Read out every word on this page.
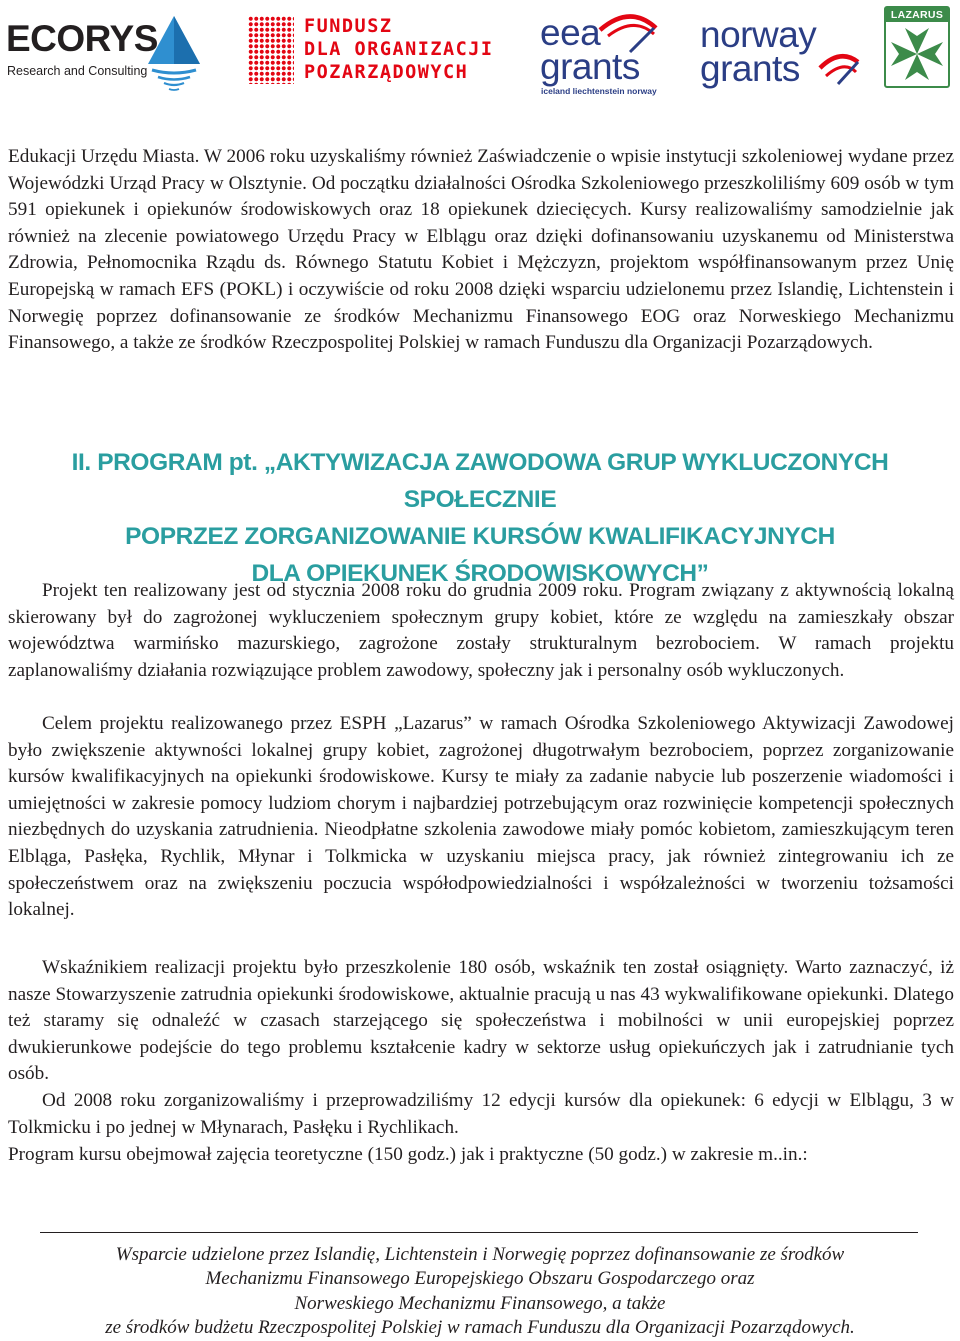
ECORYS
Research and Consulting
FUNDUSZ
DLA ORGANIZACJI
POZARZĄDOWYCH
eea
grants
iceland liechtenstein norway
norway
grants
LAZARUS

Edukacji Urzędu Miasta. W 2006 roku uzyskaliśmy również Zaświadczenie o wpisie instytucji szkoleniowej wydane przez Wojewódzki Urząd Pracy w Olsztynie. Od początku działalności Ośrodka Szkoleniowego przeszkoliliśmy 609 osób w tym 591 opiekunek i opiekunów środowiskowych oraz 18 opiekunek dziecięcych. Kursy realizowaliśmy samodzielnie jak również na zlecenie powiatowego Urzędu Pracy w Elblągu oraz dzięki dofinansowaniu uzyskanemu od Ministerstwa Zdrowia, Pełnomocnika Rządu ds. Równego Statutu Kobiet i Mężczyzn, projektom współfinansowanym przez Unię Europejską w ramach EFS (POKL) i oczywiście od roku 2008 dzięki wsparciu udzielonemu przez Islandię, Lichtenstein i Norwegię poprzez dofinansowanie ze środków Mechanizmu Finansowego EOG oraz Norweskiego Mechanizmu Finansowego, a także ze środków Rzeczpospolitej Polskiej w ramach Funduszu dla Organizacji Pozarządowych.

II. PROGRAM pt. „AKTYWIZACJA ZAWODOWA GRUP WYKLUCZONYCH SPOŁECZNIE
POPRZEZ ZORGANIZOWANIE KURSÓW KWALIFIKACYJNYCH
DLA OPIEKUNEK ŚRODOWISKOWYCH”

Projekt ten realizowany jest od stycznia 2008 roku do grudnia 2009 roku. Program związany z aktywnością lokalną skierowany był do zagrożonej wykluczeniem społecznym grupy kobiet, które ze względu na zamieszkały obszar województwa warmińsko mazurskiego, zagrożone zostały strukturalnym bezrobociem. W ramach projektu zaplanowaliśmy działania rozwiązujące problem zawodowy, społeczny jak i personalny osób wykluczonych.

Celem projektu realizowanego przez ESPH „Lazarus” w ramach Ośrodka Szkoleniowego Aktywizacji Zawodowej było zwiększenie aktywności lokalnej grupy kobiet, zagrożonej długotrwałym bezrobociem, poprzez zorganizowanie kursów kwalifikacyjnych na opiekunki środowiskowe. Kursy te miały za zadanie nabycie lub poszerzenie wiadomości i umiejętności w zakresie pomocy ludziom chorym i najbardziej potrzebującym oraz rozwinięcie kompetencji społecznych niezbędnych do uzyskania zatrudnienia. Nieodpłatne szkolenia zawodowe miały pomóc kobietom, zamieszkującym teren Elbląga, Pasłęka, Rychlik, Młynar i Tolkmicka w uzyskaniu miejsca pracy, jak również zintegrowaniu ich ze społeczeństwem oraz na zwiększeniu poczucia współodpowiedzialności i współzależności w tworzeniu tożsamości lokalnej.

Wskaźnikiem realizacji projektu było przeszkolenie 180 osób, wskaźnik ten został osiągnięty. Warto zaznaczyć, iż nasze Stowarzyszenie zatrudnia opiekunki środowiskowe, aktualnie pracują u nas 43 wykwalifikowane opiekunki. Dlatego też staramy się odnaleźć w czasach starzejącego się społeczeństwa i mobilności w unii europejskiej poprzez dwukierunkowe podejście do tego problemu kształcenie kadry w sektorze usług opiekuńczych jak i zatrudnianie tych osób.

Od 2008 roku zorganizowaliśmy i przeprowadziliśmy 12 edycji kursów dla opiekunek: 6 edycji w Elblągu, 3 w Tolkmicku i po jednej w Młynarach, Pasłęku i Rychlikach.

Program kursu obejmował zajęcia teoretyczne (150 godz.) jak i praktyczne (50 godz.) w zakresie m..in.:

Wsparcie udzielone przez Islandię, Lichtenstein i Norwegię poprzez dofinansowanie ze środków
Mechanizmu Finansowego Europejskiego Obszaru Gospodarczego oraz
Norweskiego Mechanizmu Finansowego, a także
ze środków budżetu Rzeczpospolitej Polskiej w ramach Funduszu dla Organizacji Pozarządowych.
